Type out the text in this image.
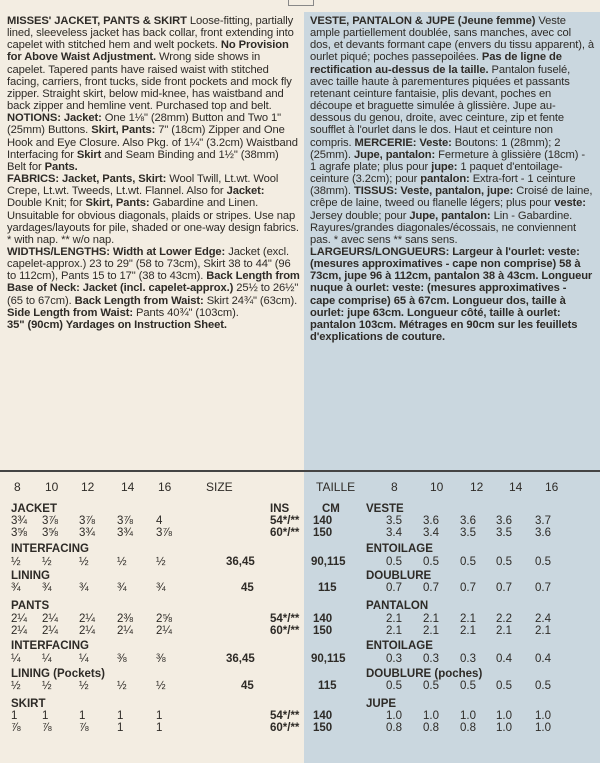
MISSES' JACKET, PANTS & SKIRT Loose-fitting, partially lined, sleeveless jacket has back collar, front extending into capelet with stitched hem and welt pockets. No Provision for Above Waist Adjustment. Wrong side shows in capelet. Tapered pants have raised waist with stitched facing, carriers, front tucks, side front pockets and mock fly zipper. Straight skirt, below mid-knee, has waistband and back zipper and hemline vent. Purchased top and belt.

NOTIONS: Jacket: One 1⅛" (28mm) Button and Two 1" (25mm) Buttons. Skirt, Pants: 7" (18cm) Zipper and One Hook and Eye Closure. Also Pkg. of 1¼" (3.2cm) Waistband Interfacing for Skirt and Seam Binding and 1½" (38mm) Belt for Pants.

FABRICS: Jacket, Pants, Skirt: Wool Twill, Lt.wt. Wool Crepe, Lt.wt. Tweeds, Lt.wt. Flannel. Also for Jacket: Double Knit; for Skirt, Pants: Gabardine and Linen. Unsuitable for obvious diagonals, plaids or stripes. Use nap yardages/layouts for pile, shaded or one-way design fabrics. * with nap. ** w/o nap.

WIDTHS/LENGTHS: Width at Lower Edge: Jacket (excl. capelet-approx.) 23 to 29" (58 to 73cm), Skirt 38 to 44" (96 to 112cm), Pants 15 to 17" (38 to 43cm). Back Length from Base of Neck: Jacket (incl. capelet-approx.) 25½ to 26½" (65 to 67cm). Back Length from Waist: Skirt 24¾" (63cm). Side Length from Waist: Pants 40¾" (103cm).

35" (90cm) Yardages on Instruction Sheet.

VESTE, PANTALON & JUPE (Jeune femme) Veste ample partiellement doublée, sans manches, avec col dos, et devants formant cape (envers du tissu apparent), à ourlet piqué; poches passepoilées. Pas de ligne de rectification au-dessus de la taille. Pantalon fuselé, avec taille haute à parementures piquées et passants retenant ceinture fantaisie, plis devant, poches en découpe et braguette simulée à glissière. Jupe au-dessous du genou, droite, avec ceinture, zip et fente soufflet à l'ourlet dans le dos. Haut et ceinture non compris. MERCERIE: Veste: Boutons: 1 (28mm); 2 (25mm). Jupe, pantalon: Fermeture à glissière (18cm) - 1 agrafe plate; plus pour jupe: 1 paquet d'entoilage-ceinture (3.2cm); pour pantalon: Extra-fort - 1 ceinture (38mm). TISSUS: Veste, pantalon, jupe: Croisé de laine, crêpe de laine, tweed ou flanelle légers; plus pour veste: Jersey double; pour Jupe, pantalon: Lin - Gabardine. Rayures/grandes diagonales/écossais, ne conviennent pas. * avec sens ** sans sens. LARGEURS/LONGUEURS: Largeur à l'ourlet: veste: (mesures approximatives - cape non comprise) 58 à 73cm, jupe 96 à 112cm, pantalon 38 à 43cm. Longueur nuque à ourlet: veste: (mesures approximatives - cape comprise) 65 à 67cm. Longueur dos, taille à ourlet: jupe 63cm. Longueur côté, taille à ourlet: pantalon 103cm. Métrages en 90cm sur les feuillets d'explications de couture.

8 10 12 14 16	SIZE	TAILLE	8	10 12 14 16
JACKET	INS	CM VESTE
3¾ 3⅞ 3⅞ 3⅞ 4	54*/** 140	3.5 3.6 3.6 3.6 3.7
3⅝ 3⅝ 3¾ 3¾ 3⅞	60*/** 150	3.4 3.4 3.5 3.5 3.6
INTERFACING	ENTOILAGE
½ ½ ½ ½	½	36,45	90,115	0.5 0.5 0.5 0.5 0.5
LINING	DOUBLURE
¾ ¾ ¾ ¾	¾	45	115	0.7 0.7 0.7 0.7 0.7
PANTS	PANTALON
2¼ 2¼ 2¼ 2⅜ 2⅝	54*/** 140	2.1 2.1 2.1 2.2 2.4
2¼ 2¼ 2¼ 2¼ 2¼	60*/** 150	2.1 2.1 2.1 2.1 2.1
INTERFACING	ENTOILAGE
¼ ¼ ¼ ⅜	⅜	36,45	90,115	0.3 0.3 0.3 0.4 0.4
LINING (Pockets)	DOUBLURE (poches)
½ ½ ½ ½	½	45	115	0.5 0.5 0.5 0.5 0.5
SKIRT	JUPE
1 1	1	1	1	54*/** 140	1.0 1.0 1.0 1.0 1.0
⅞ ⅞ ⅞ 1	1	60*/** 150	0.8 0.8 0.8 1.0 1.0
